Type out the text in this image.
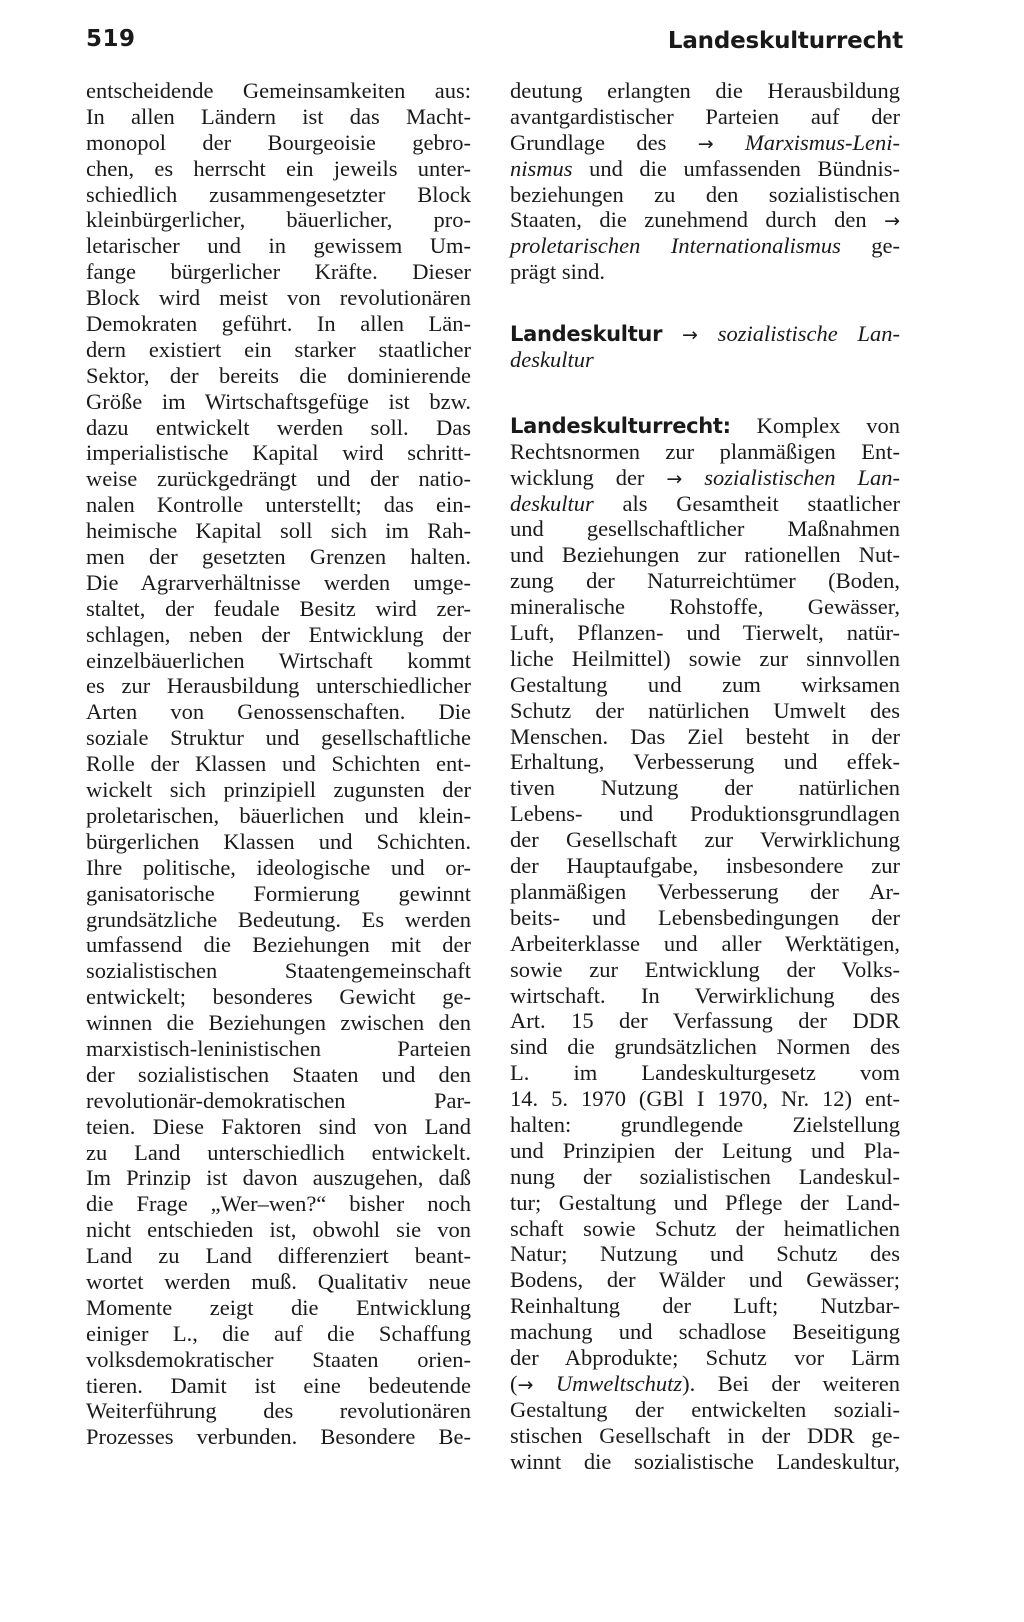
519	Landeskulturrecht
entscheidende Gemeinsamkeiten aus:
In allen Ländern ist das Macht-
monopol der Bourgeoisie gebro-
chen, es herrscht ein jeweils unter-
schiedlich zusammengesetzter Block
kleinbürgerlicher, bäuerlicher, pro-
letarischer und in gewissem Um-
fange bürgerlicher Kräfte. Dieser
Block wird meist von revolutionären
Demokraten geführt. In allen Län-
dern existiert ein starker staatlicher
Sektor, der bereits die dominierende
Größe im Wirtschaftsgefüge ist bzw.
dazu entwickelt werden soll. Das
imperialistische Kapital wird schritt-
weise zurückgedrängt und der natio-
nalen Kontrolle unterstellt; das ein-
heimische Kapital soll sich im Rah-
men der gesetzten Grenzen halten.
Die Agrarverhältnisse werden umge-
staltet, der feudale Besitz wird zer-
schlagen, neben der Entwicklung der
einzelbäuerlichen Wirtschaft kommt
es zur Herausbildung unterschiedlicher
Arten von Genossenschaften. Die
soziale Struktur und gesellschaftliche
Rolle der Klassen und Schichten ent-
wickelt sich prinzipiell zugunsten der
proletarischen, bäuerlichen und klein-
bürgerlichen Klassen und Schichten.
Ihre politische, ideologische und or-
ganisatorische Formierung gewinnt
grundsätzliche Bedeutung. Es werden
umfassend die Beziehungen mit der
sozialistischen Staatengemeinschaft
entwickelt; besonderes Gewicht ge-
winnen die Beziehungen zwischen den
marxistisch-leninistischen Parteien
der sozialistischen Staaten und den
revolutionär-demokratischen Par-
teien. Diese Faktoren sind von Land
zu Land unterschiedlich entwickelt.
Im Prinzip ist davon auszugehen, daß
die Frage „Wer–wen?“ bisher noch
nicht entschieden ist, obwohl sie von
Land zu Land differenziert beant-
wortet werden muß. Qualitativ neue
Momente zeigt die Entwicklung
einiger L., die auf die Schaffung
volksdemokratischer Staaten orien-
tieren. Damit ist eine bedeutende
Weiterführung des revolutionären
Prozesses verbunden. Besondere Be-
deutung erlangten die Herausbildung
avantgardistischer Parteien auf der
Grundlage des → Marxismus-Leni-
nismus und die umfassenden Bündnis-
beziehungen zu den sozialistischen
Staaten, die zunehmend durch den →
proletarischen Internationalismus ge-
prägt sind.
Landeskultur → sozialistische Lan-
deskultur
Landeskulturrecht: Komplex von
Rechtsnormen zur planmäßigen Ent-
wicklung der → sozialistischen Lan-
deskultur als Gesamtheit staatlicher
und gesellschaftlicher Maßnahmen
und Beziehungen zur rationellen Nut-
zung der Naturreichtümer (Boden,
mineralische Rohstoffe, Gewässer,
Luft, Pflanzen- und Tierwelt, natür-
liche Heilmittel) sowie zur sinnvollen
Gestaltung und zum wirksamen
Schutz der natürlichen Umwelt des
Menschen. Das Ziel besteht in der
Erhaltung, Verbesserung und effek-
tiven Nutzung der natürlichen
Lebens- und Produktionsgrundlagen
der Gesellschaft zur Verwirklichung
der Hauptaufgabe, insbesondere zur
planmäßigen Verbesserung der Ar-
beits- und Lebensbedingungen der
Arbeiterklasse und aller Werktätigen,
sowie zur Entwicklung der Volks-
wirtschaft. In Verwirklichung des
Art. 15 der Verfassung der DDR
sind die grundsätzlichen Normen des
L. im Landeskulturgesetz vom
14. 5. 1970 (GBl I 1970, Nr. 12) ent-
halten: grundlegende Zielstellung
und Prinzipien der Leitung und Pla-
nung der sozialistischen Landeskul-
tur; Gestaltung und Pflege der Land-
schaft sowie Schutz der heimatlichen
Natur; Nutzung und Schutz des
Bodens, der Wälder und Gewässer;
Reinhaltung der Luft; Nutzbar-
machung und schadlose Beseitigung
der Abprodukte; Schutz vor Lärm
(→ Umweltschutz). Bei der weiteren
Gestaltung der entwickelten soziali-
stischen Gesellschaft in der DDR ge-
winnt die sozialistische Landeskultur,
